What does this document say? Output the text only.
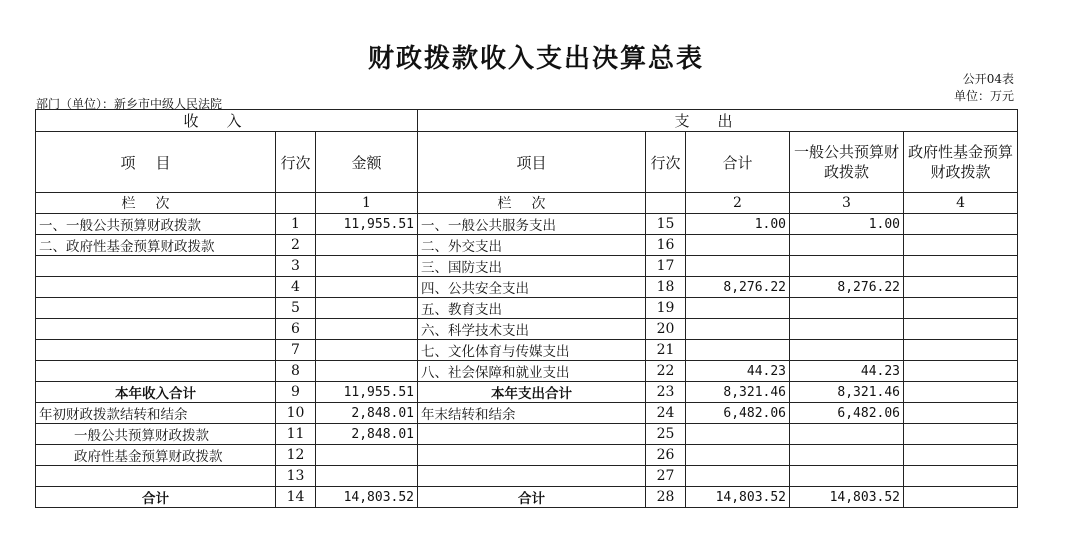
财政拨款收入支出决算总表
公开04表
单位：万元
部门（单位）：新乡市中级人民法院
收入			支出				
项目	行次	金额	项目	行次	合计	一般公共预算财政拨款	政府性基金预算财政拨款
栏次		1	栏次		2	3	4
一、一般公共预算财政拨款	1	11,955.51	一、一般公共服务支出	15	1.00	1.00	
二、政府性基金预算财政拨款	2		二、外交支出	16			
	3		三、国防支出	17			
	4		四、公共安全支出	18	8,276.22	8,276.22	
	5		五、教育支出	19			
	6		六、科学技术支出	20			
	7		七、文化体育与传媒支出	21			
	8		八、社会保障和就业支出	22	44.23	44.23	
本年收入合计	9	11,955.51	本年支出合计	23	8,321.46	8,321.46	
年初财政拨款结转和结余	10	2,848.01	年末结转和结余	24	6,482.06	6,482.06	
一般公共预算财政拨款	11	2,848.01		25			
政府性基金预算财政拨款	12			26			
	13			27			
合计	14	14,803.52	合计	28	14,803.52	14,803.52	
